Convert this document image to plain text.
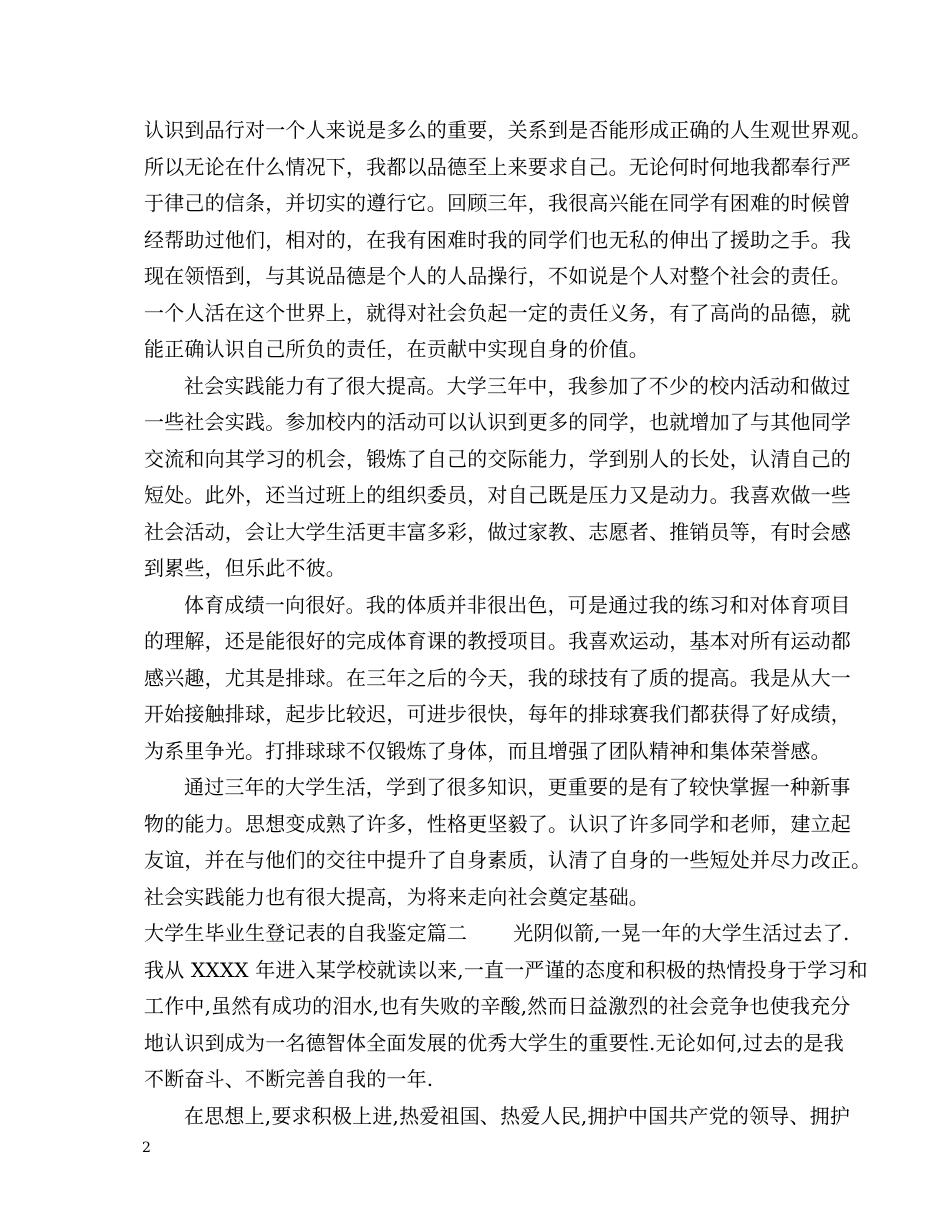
认识到品行对一个人来说是多么的重要，关系到是否能形成正确的人生观世界观。
所以无论在什么情况下，我都以品德至上来要求自己。无论何时何地我都奉行严
于律己的信条，并切实的遵行它。回顾三年，我很高兴能在同学有困难的时候曾
经帮助过他们，相对的，在我有困难时我的同学们也无私的伸出了援助之手。我
现在领悟到，与其说品德是个人的人品操行，不如说是个人对整个社会的责任。
一个人活在这个世界上，就得对社会负起一定的责任义务，有了高尚的品德，就
能正确认识自己所负的责任，在贡献中实现自身的价值。
社会实践能力有了很大提高。大学三年中，我参加了不少的校内活动和做过
一些社会实践。参加校内的活动可以认识到更多的同学，也就增加了与其他同学
交流和向其学习的机会，锻炼了自己的交际能力，学到别人的长处，认清自己的
短处。此外，还当过班上的组织委员，对自己既是压力又是动力。我喜欢做一些
社会活动，会让大学生活更丰富多彩，做过家教、志愿者、推销员等，有时会感
到累些，但乐此不彼。
体育成绩一向很好。我的体质并非很出色，可是通过我的练习和对体育项目
的理解，还是能很好的完成体育课的教授项目。我喜欢运动，基本对所有运动都
感兴趣，尤其是排球。在三年之后的今天，我的球技有了质的提高。我是从大一
开始接触排球，起步比较迟，可进步很快，每年的排球赛我们都获得了好成绩，
为系里争光。打排球球不仅锻炼了身体，而且增强了团队精神和集体荣誉感。
通过三年的大学生活，学到了很多知识，更重要的是有了较快掌握一种新事
物的能力。思想变成熟了许多，性格更坚毅了。认识了许多同学和老师，建立起
友谊，并在与他们的交往中提升了自身素质，认清了自身的一些短处并尽力改正。
社会实践能力也有很大提高，为将来走向社会奠定基础。
大学生毕业生登记表的自我鉴定篇二 光阴似箭,一晃一年的大学生活过去了.
我从 XXXX 年进入某学校就读以来,一直一严谨的态度和积极的热情投身于学习和
工作中,虽然有成功的泪水,也有失败的辛酸,然而日益激烈的社会竞争也使我充分
地认识到成为一名德智体全面发展的优秀大学生的重要性.无论如何,过去的是我
不断奋斗、不断完善自我的一年.
在思想上,要求积极上进,热爱祖国、热爱人民,拥护中国共产党的领导、拥护
2
